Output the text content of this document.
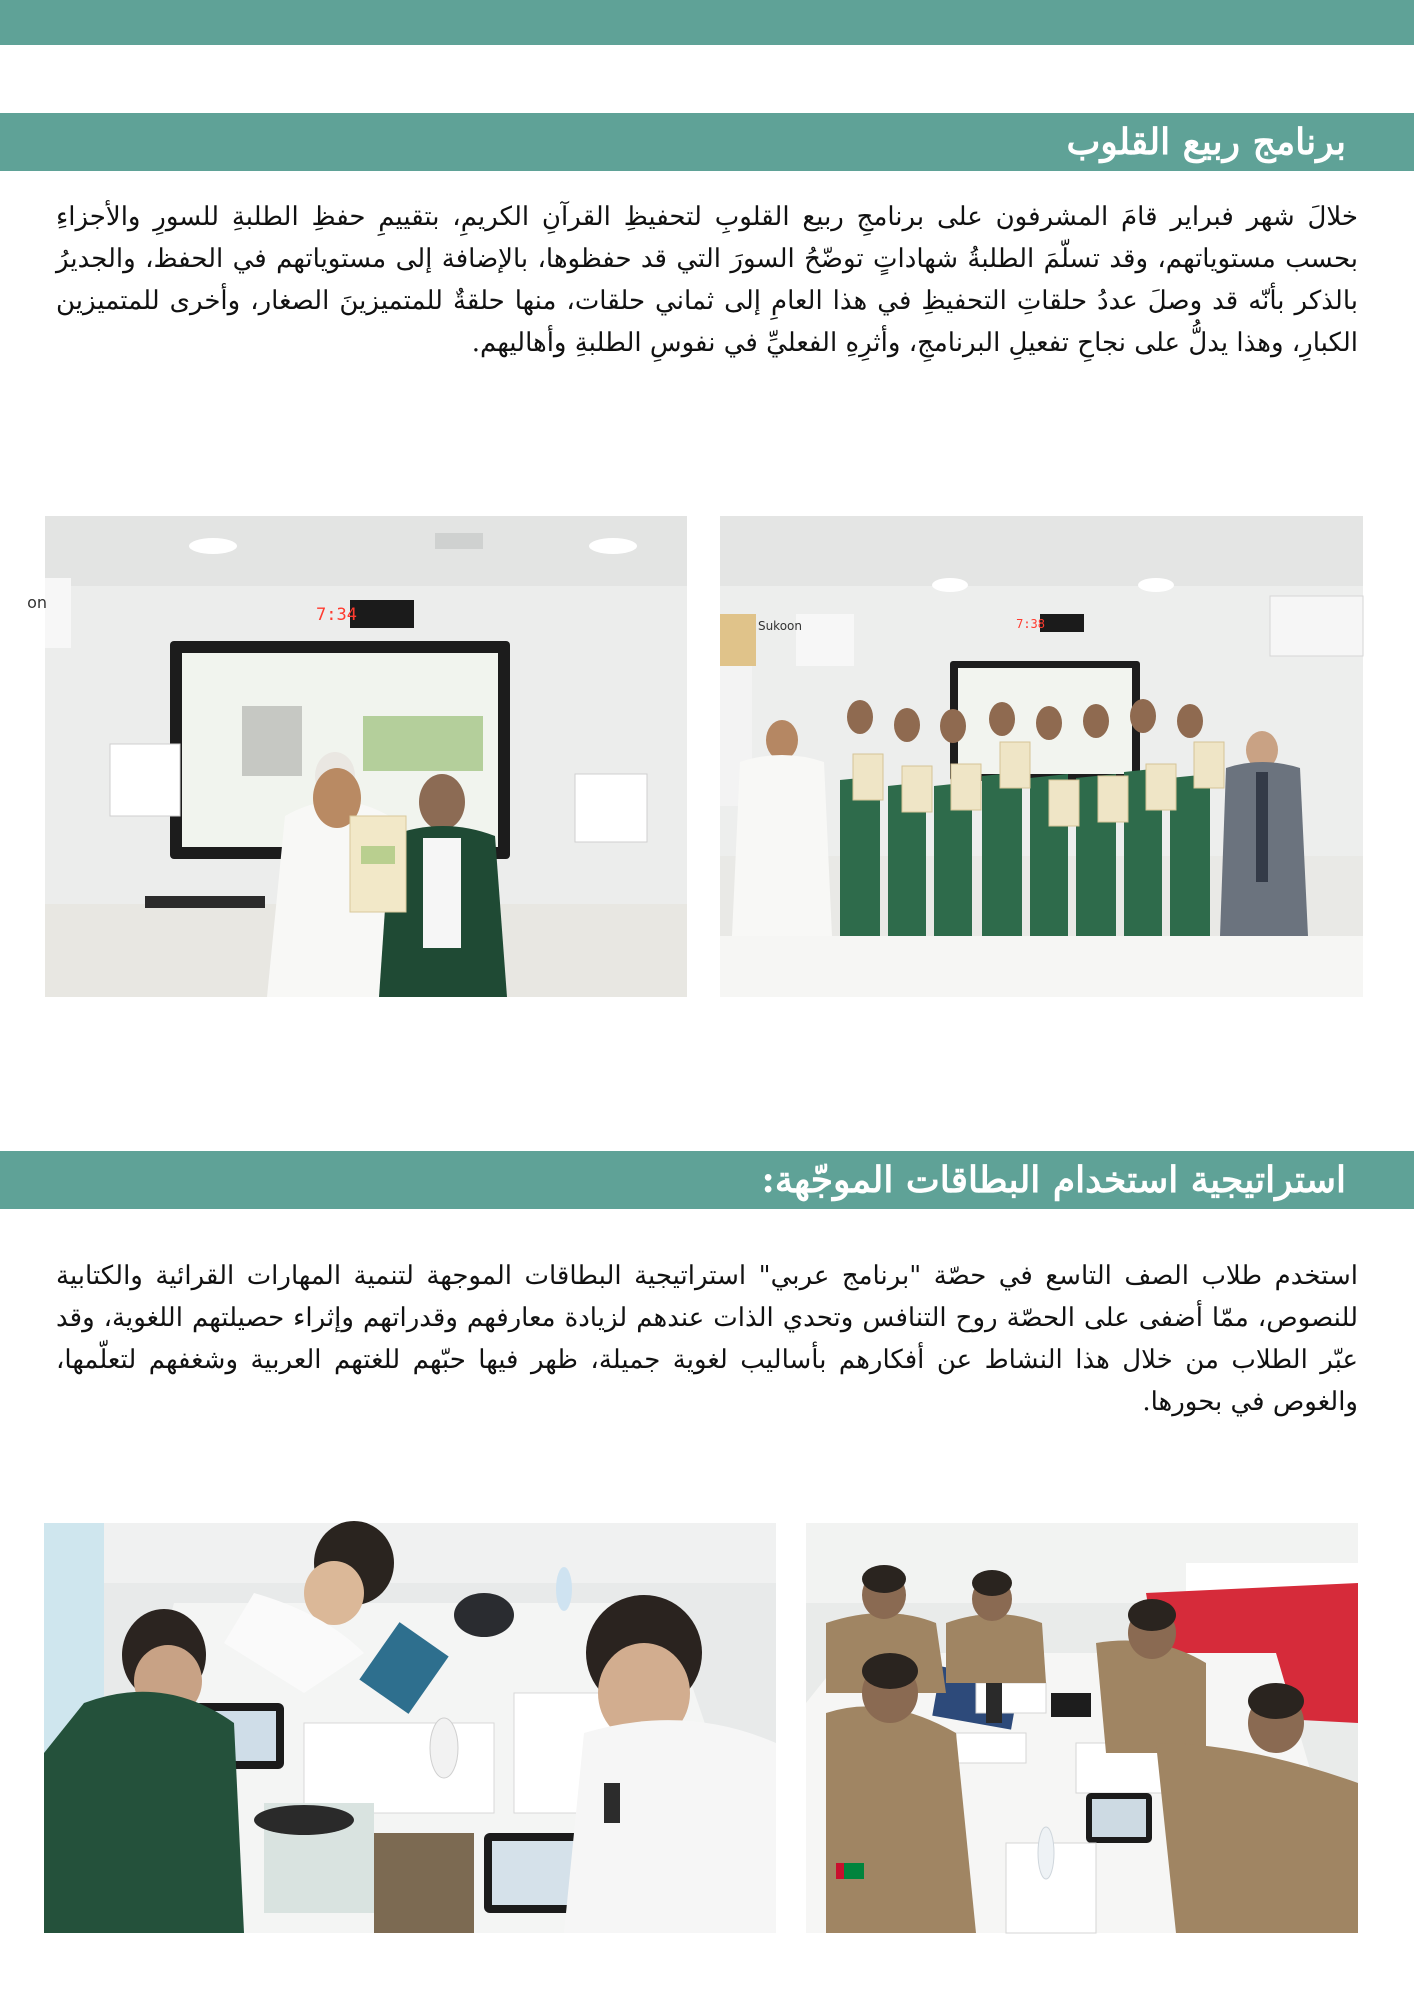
برنامج ربيع القلوب

خلالَ شهر فبراير قامَ المشرفون على برنامجِ ربيع القلوبِ لتحفيظِ القرآنِ الكريمِ، بتقييمِ حفظِ الطلبةِ للسورِ والأجزاءِ بحسب مستوياتهم، وقد تسلّمَ الطلبةُ شهاداتٍ توضّحُ السورَ التي قد حفظوها، بالإضافة إلى مستوياتهم في الحفظ، والجديرُ بالذكر بأنّه قد وصلَ عددُ حلقاتِ التحفيظِ في هذا العامِ إلى ثماني حلقات، منها حلقةٌ للمتميزينَ الصغار، وأخرى للمتميزين الكبارِ، وهذا يدلُّ على نجاحِ تفعيلِ البرنامجِ، وأثرِهِ الفعليِّ في نفوسِ الطلبةِ وأهاليهم.

on
7:34
Sukoon	7:38
استراتيجية استخدام البطاقات الموجّهة:

استخدم طلاب الصف التاسع في حصّة "برنامج عربي" استراتيجية البطاقات الموجهة لتنمية المهارات القرائية والكتابية للنصوص، ممّا أضفى على الحصّة روح التنافس وتحدي الذات عندهم لزيادة معارفهم وقدراتهم وإثراء حصيلتهم اللغوية، وقد عبّر الطلاب من خلال هذا النشاط عن أفكارهم بأساليب لغوية جميلة، ظهر فيها حبّهم للغتهم العربية وشغفهم لتعلّمها، والغوص في بحورها.
